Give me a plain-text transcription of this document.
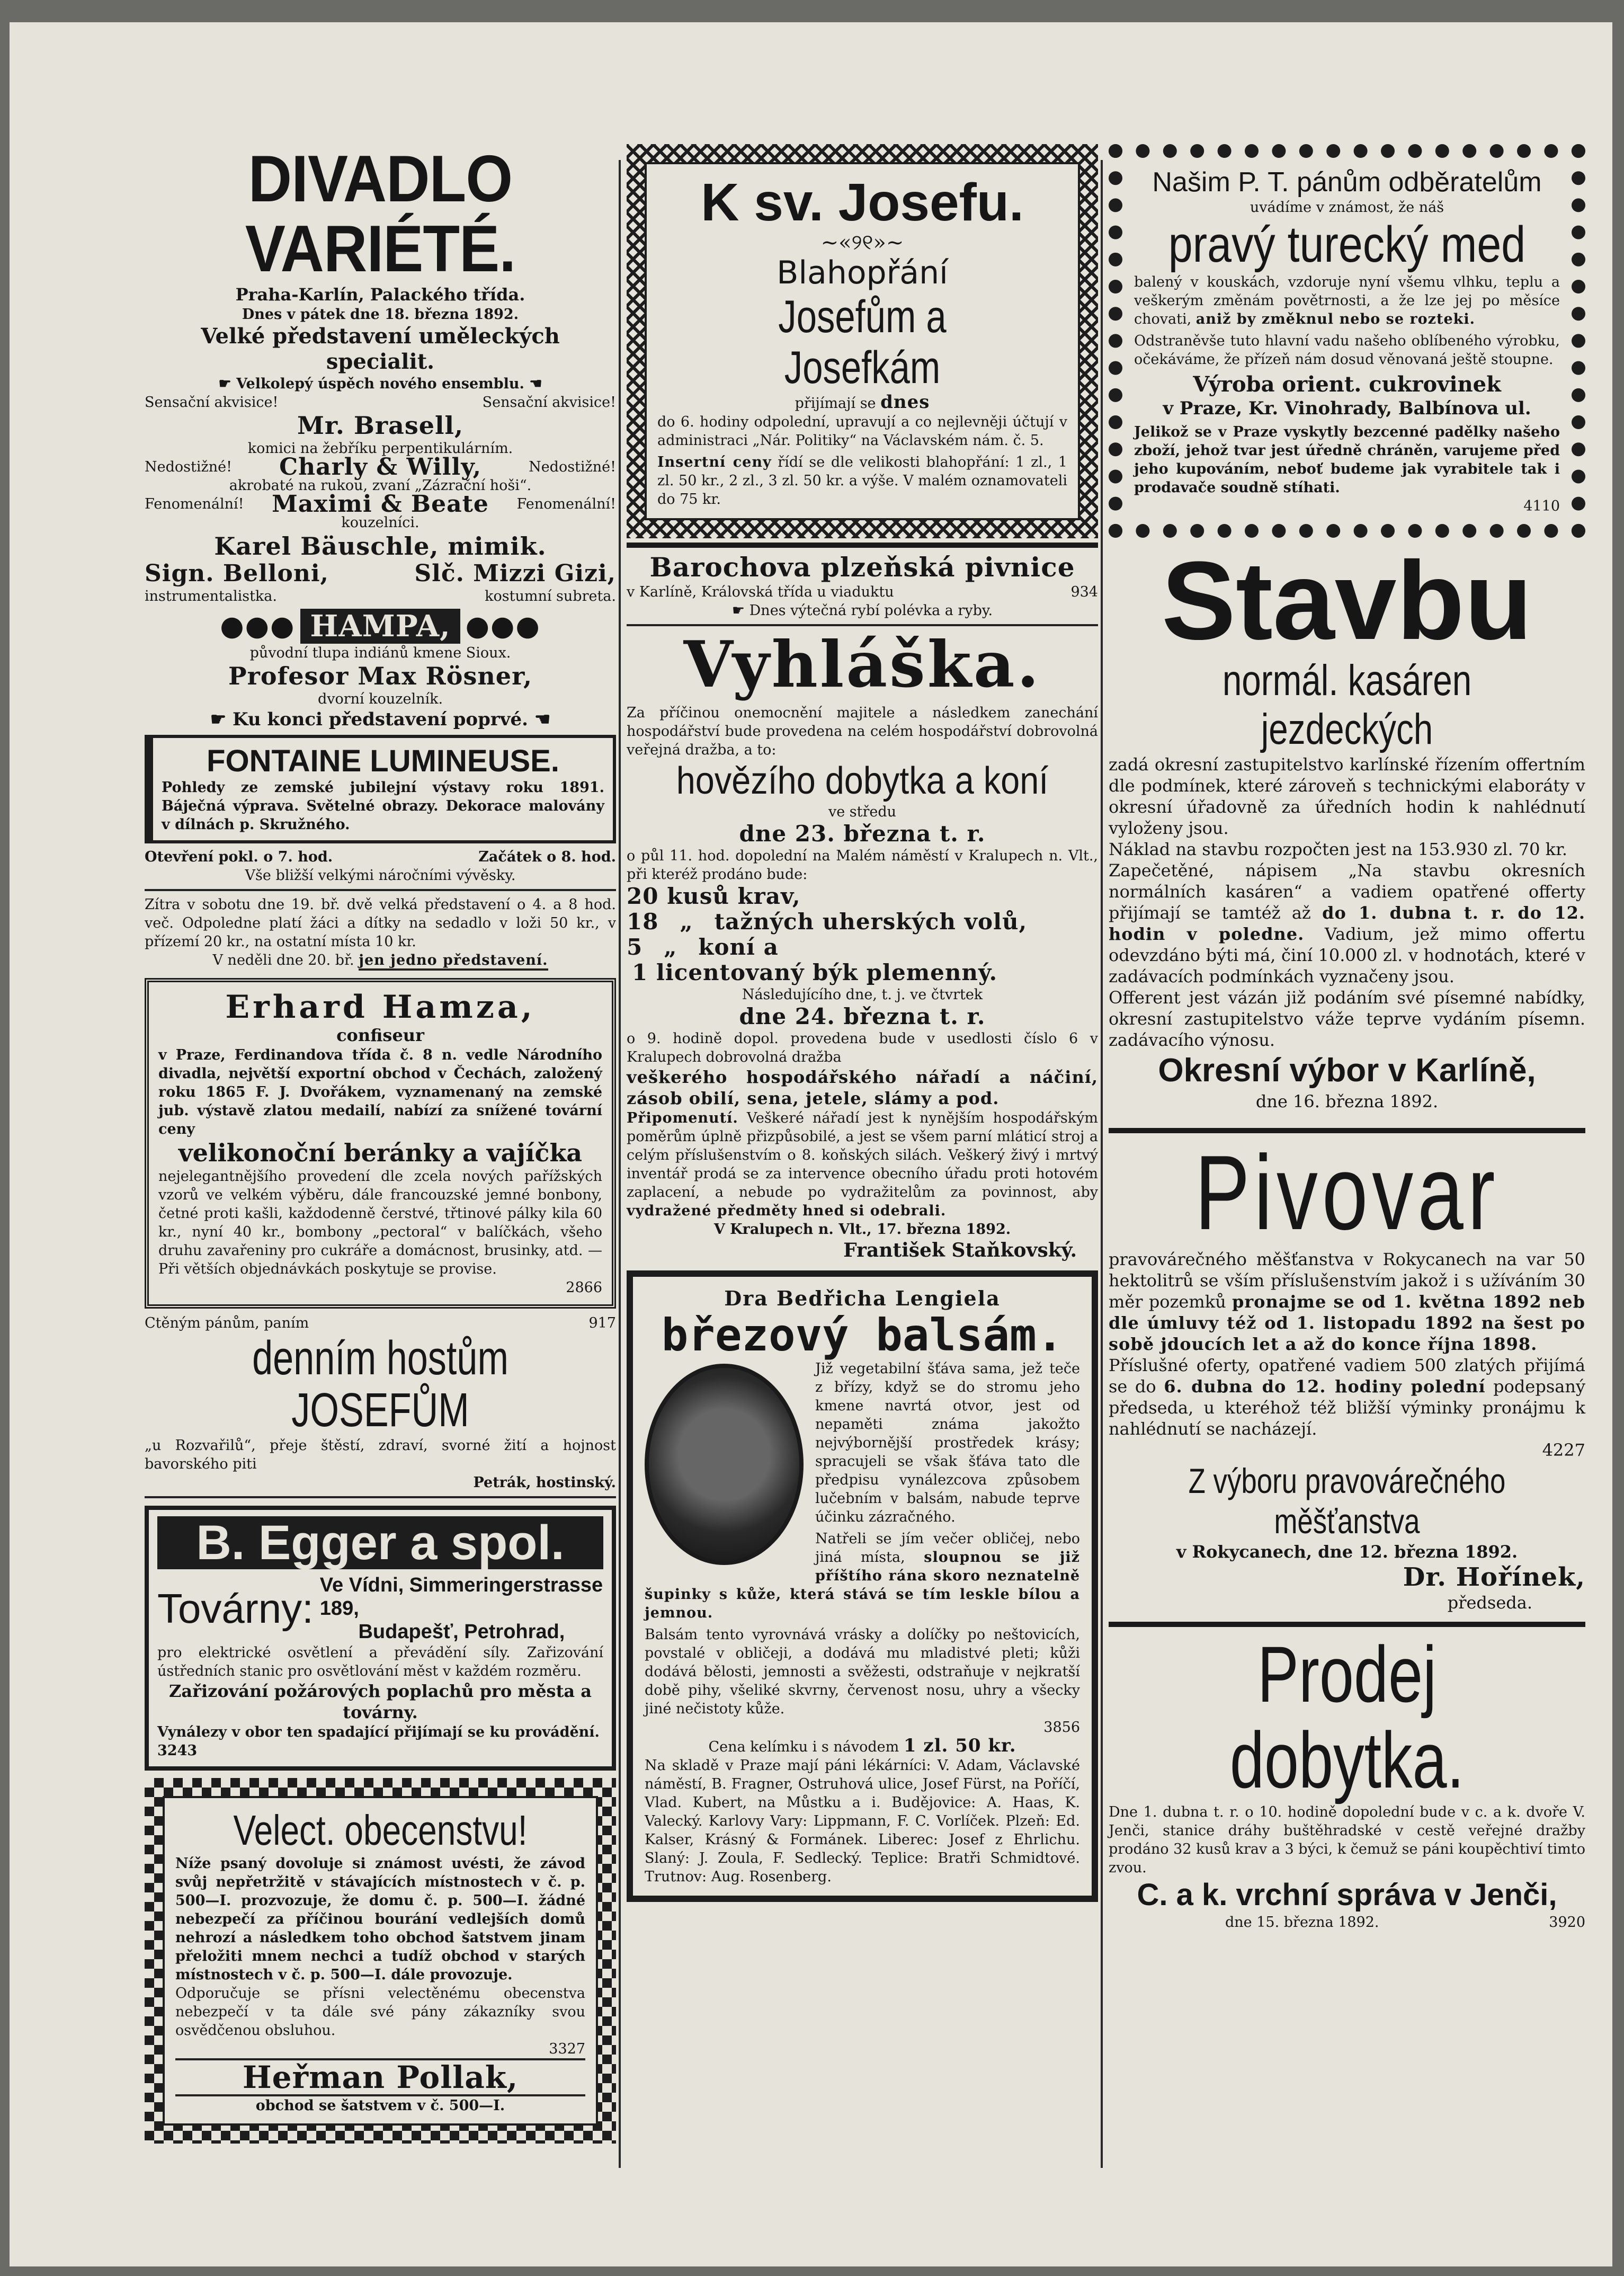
DIVADLO VARIÉTÉ.
Praha-Karlín, Palackého třída.
Dnes v pátek dne 18. března 1892.
Velké představení uměleckých specialit.
☛ Velkolepý úspěch nového ensemblu. ☚
Sensační akvisice!	Sensační akvisice!
Mr. Brasell,
komici na žebříku perpentikulárním.
Nedostižné! Charly & Willy,	Nedostižné!
akrobaté na rukou, zvaní „Zázrační hoši“.
Fenomenální! Maximi & Beate Fenomenální!
kouzelníci.
Karel Bäuschle, mimik.
Sign. Belloni,	Slč. Mizzi Gizi,
instrumentalistka.	kostumní subreta.
●●● HAMPA, ●●●
původní tlupa indiánů kmene Sioux.
Profesor Max Rösner,
dvorní kouzelník.
☛ Ku konci představení poprvé. ☚
FONTAINE LUMINEUSE.
Pohledy ze zemské jubilejní výstavy roku 1891. Báječná výprava. Světelné obrazy. Dekorace malovány v dílnách p. Skružného.
Otevření pokl. o 7. hod.	Začátek o 8. hod.
Vše bližší velkými náročními vývěsky.
Zítra v sobotu dne 19. bř. dvě velká představení o 4. a 8 hod. več. Odpoledne platí žáci a dítky na sedadlo v loži 50 kr., v přízemí 20 kr., na ostatní místa 10 kr.
V neděli dne 20. bř. jen jedno představení.
Erhard Hamza,
confiseur
v Praze, Ferdinandova třída č. 8 n. vedle Národního divadla, největší exportní obchod v Čechách, založený roku 1865 F. J. Dvořákem, vyznamenaný na zemské jub. výstavě zlatou medailí, nabízí za snížené tovární ceny
velikonoční beránky a vajíčka
nejelegantnějšího provedení dle zcela nových pařížských vzorů ve velkém výběru, dále francouzské jemné bonbony, četné proti kašli, každodenně čerstvé, třtinové pálky kila 60 kr., nyní 40 kr., bombony „pectoral“ v balíčkách, všeho druhu zavařeniny pro cukráře a domácnost, brusinky, atd. — Při větších objednávkách poskytuje se provise.
2866
Ctěným pánům, paním	917
denním hostům JOSEFŮM
„u Rozvařilů“, přeje štěstí, zdraví, svorné žití a hojnost bavorského piti
Petrák, hostinský.
B. Egger a spol.
Továrny: Ve Vídni, Simmeringerstrasse 189,
Budapešť, Petrohrad,
pro elektrické osvětlení a převádění síly. Zařizování ústředních stanic pro osvětlování měst v každém rozměru.
Zařizování požárových poplachů pro města a továrny.
Vynálezy v obor ten spadající přijímají se ku provádění. 3243
Velect. obecenstvu!
Níže psaný dovoluje si známost uvésti, že závod svůj nepřetržitě v stávajících místnostech v č. p. 500—I. prozvozuje, že domu č. p. 500—I. žádné nebezpečí za příčinou bourání vedlejších domů nehrozí a následkem toho obchod šatstvem jinam přeložiti mnem nechci a tudíž obchod v starých místnostech v č. p. 500—I. dále provozuje.
Odporučuje se přísni velectěnému obecenstva nebezpečí v ta dále své pány zákazníky svou osvědčenou obsluhou.
3327
Heřman Pollak,
obchod se šatstvem v č. 500—I.
K sv. Josefu.
~«୨୧»~
Blahopřání
Josefům a Josefkám
přijímají se dnes
do 6. hodiny odpolední, upravují a co nejlevněji účtují v administraci „Nár. Politiky“ na Václavském nám. č. 5.
Insertní ceny řídí se dle velikosti blahopřání: 1 zl., 1 zl. 50 kr., 2 zl., 3 zl. 50 kr. a výše. V malém oznamovateli do 75 kr.
Barochova plzeňská pivnice
v Karlíně, Královská třída u viaduktu	934
☛ Dnes výtečná rybí polévka a ryby.
Vyhláška.
Za příčinou onemocnění majitele a následkem zanechání hospodářství bude provedena na celém hospodářství dobrovolná veřejná dražba, a to:
hovězího dobytka a koní
ve středu
dne 23. března t. r.
o půl 11. hod. dopolední na Malém náměstí v Kralupech n. Vlt., při kteréž prodáno bude:
20 kusů krav,
18 „ tažných uherských volů,
5 „ koní a
1 licentovaný býk plemenný.
Následujícího dne, t. j. ve čtvrtek
dne 24. března t. r.
o 9. hodině dopol. provedena bude v usedlosti číslo 6 v Kralupech dobrovolná dražba
veškerého hospodářského nářadí a náčiní, zásob obilí, sena, jetele, slámy a pod.
Připomenutí. Veškeré nářadí jest k nynějším hospodářským poměrům úplně přizpůsobilé, a jest se všem parní mláticí stroj a celým příslušenstvím o 8. koňských silách. Veškerý živý i mrtvý inventář prodá se za intervence obecního úřadu proti hotovém zaplacení, a nebude po vydražitelům za povinnost, aby vydražené předměty hned si odebrali.
V Kralupech n. Vlt., 17. března 1892.
František Staňkovský.
Dra Bedřicha Lengiela
březový balsám.
Již vegetabilní šťáva sama, jež teče z břízy, když se do stromu jeho kmene navrtá otvor, jest od nepaměti známa jakožto nejvýbornější prostředek krásy; spracujeli se však šťáva tato dle předpisu vynálezcova způsobem lučebním v balsám, nabude teprve účinku zázračného.
Natřeli se jím večer obličej, nebo jiná místa, sloupnou se již příštího rána skoro neznatelně šupinky s kůže, která stává se tím leskle bílou a jemnou.
Balsám tento vyrovnává vrásky a dolíčky po neštovicích, povstalé v obličeji, a dodává mu mladistvé pleti; kůži dodává bělosti, jemnosti a svěžesti, odstraňuje v nejkratší době pihy, všeliké skvrny, červenost nosu, uhry a všecky jiné nečistoty kůže.
3856
Cena kelímku i s návodem 1 zl. 50 kr.
Na skladě v Praze mají páni lékárníci: V. Adam, Václavské náměstí, B. Fragner, Ostruhová ulice, Josef Fürst, na Poříčí, Vlad. Kubert, na Můstku a i. Budějovice: A. Haas, K. Valecký. Karlovy Vary: Lippmann, F. C. Vorlíček. Plzeň: Ed. Kalser, Krásný & Formánek. Liberec: Josef z Ehrlichu. Slaný: J. Zoula, F. Sedlecký. Teplice: Bratři Schmidtové. Trutnov: Aug. Rosenberg.
Našim P. T. pánům odběratelům
uvádíme v známost, že náš
pravý turecký med
balený v kouskách, vzdoruje nyní všemu vlhku, teplu a veškerým změnám povětrnosti, a že lze jej po měsíce chovati, aniž by změknul nebo se rozteki.
Odstraněvše tuto hlavní vadu našeho oblíbeného výrobku, očekáváme, že přízeň nám dosud věnovaná ještě stoupne.
Výroba orient. cukrovinek
v Praze, Kr. Vinohrady, Balbínova ul.
Jelikož se v Praze vyskytly bezcenné padělky našeho zboží, jehož tvar jest úředně chráněn, varujeme před jeho kupováním, neboť budeme jak vyrabitele tak i prodavače soudně stíhati.
4110
Stavbu
normál. kasáren jezdeckých
zadá okresní zastupitelstvo karlínské řízením offertním dle podmínek, které zároveň s technickými elaboráty v okresní úřadovně za úředních hodin k nahlédnutí vyloženy jsou.
Náklad na stavbu rozpočten jest na 153.930 zl. 70 kr.
Zapečetěné, nápisem „Na stavbu okresních normálních kasáren“ a vadiem opatřené offerty přijímají se tamtéž až do 1. dubna t. r. do 12. hodin v poledne. Vadium, jež mimo offertu odevzdáno býti má, činí 10.000 zl. v hodnotách, které v zadávacích podmínkách vyznačeny jsou.
Offerent jest vázán již podáním své písemné nabídky, okresní zastupitelstvo váže teprve vydáním písemn. zadávacího výnosu.
Okresní výbor v Karlíně,
dne 16. března 1892.
Pivovar
pravovárečného měšťanstva v Rokycanech na var 50 hektolitrů se vším příslušenstvím jakož i s užíváním 30 měr pozemků pronajme se od 1. května 1892 neb dle úmluvy též od 1. listopadu 1892 na šest po sobě jdoucích let a až do konce října 1898.
Příslušné oferty, opatřené vadiem 500 zlatých přijímá se do 6. dubna do 12. hodiny polední podepsaný předseda, u kteréhož též bližší výminky pronájmu k nahlédnutí se nacházejí.
4227
Z výboru pravovárečného měšťanstva
v Rokycanech, dne 12. března 1892.
Dr. Hořínek,
předseda.
Prodej dobytka.
Dne 1. dubna t. r. o 10. hodině dopolední bude v c. a k. dvoře V. Jenči, stanice dráhy buštěhradské v cestě veřejné dražby prodáno 32 kusů krav a 3 býci, k čemuž se páni koupěchtiví timto zvou.
C. a k. vrchní správa v Jenči,
dne 15. března 1892.	3920
